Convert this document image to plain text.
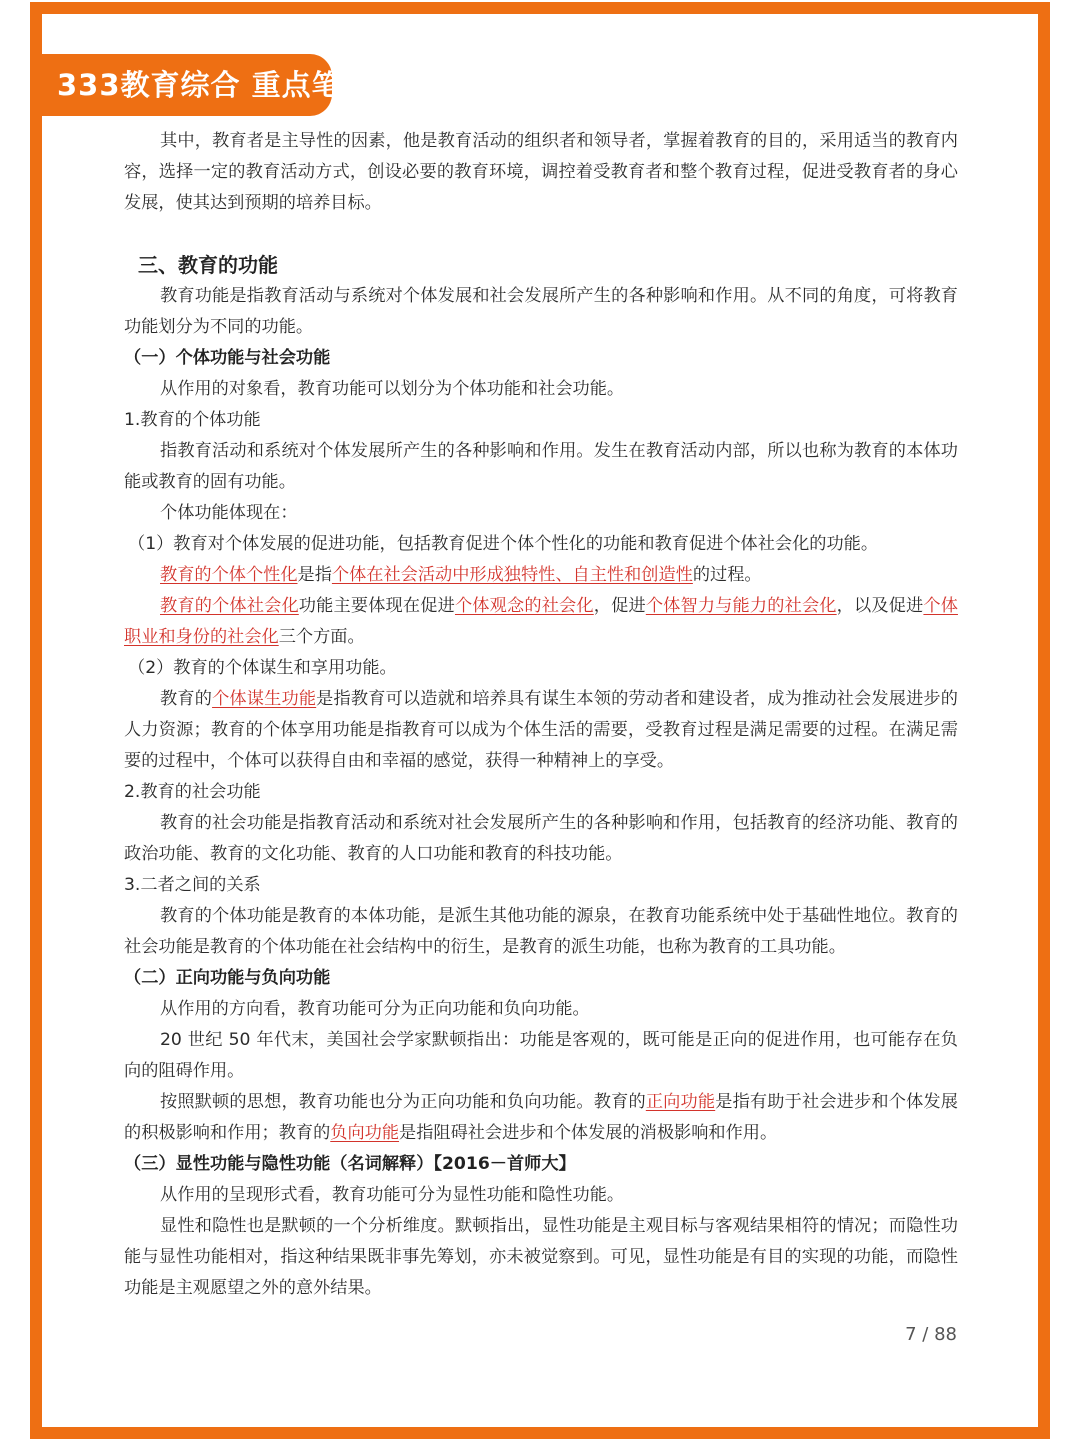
333教育综合 重点笔记

其中，教育者是主导性的因素，他是教育活动的组织者和领导者，掌握着教育的目的，采用适当的教育内容，选择一定的教育活动方式，创设必要的教育环境，调控着受教育者和整个教育过程，促进受教育者的身心发展，使其达到预期的培养目标。

三、教育的功能

教育功能是指教育活动与系统对个体发展和社会发展所产生的各种影响和作用。从不同的角度，可将教育功能划分为不同的功能。

（一）个体功能与社会功能

从作用的对象看，教育功能可以划分为个体功能和社会功能。

1.教育的个体功能

指教育活动和系统对个体发展所产生的各种影响和作用。发生在教育活动内部，所以也称为教育的本体功能或教育的固有功能。

个体功能体现在：

（1）教育对个体发展的促进功能，包括教育促进个体个性化的功能和教育促进个体社会化的功能。

教育的个体个性化是指个体在社会活动中形成独特性、自主性和创造性的过程。

教育的个体社会化功能主要体现在促进个体观念的社会化，促进个体智力与能力的社会化，以及促进个体职业和身份的社会化三个方面。

（2）教育的个体谋生和享用功能。

教育的个体谋生功能是指教育可以造就和培养具有谋生本领的劳动者和建设者，成为推动社会发展进步的人力资源；教育的个体享用功能是指教育可以成为个体生活的需要，受教育过程是满足需要的过程。在满足需要的过程中，个体可以获得自由和幸福的感觉，获得一种精神上的享受。

2.教育的社会功能

教育的社会功能是指教育活动和系统对社会发展所产生的各种影响和作用，包括教育的经济功能、教育的政治功能、教育的文化功能、教育的人口功能和教育的科技功能。

3.二者之间的关系

教育的个体功能是教育的本体功能，是派生其他功能的源泉，在教育功能系统中处于基础性地位。教育的社会功能是教育的个体功能在社会结构中的衍生，是教育的派生功能，也称为教育的工具功能。

（二）正向功能与负向功能

从作用的方向看，教育功能可分为正向功能和负向功能。

20 世纪 50 年代末，美国社会学家默顿指出：功能是客观的，既可能是正向的促进作用，也可能存在负向的阻碍作用。

按照默顿的思想，教育功能也分为正向功能和负向功能。教育的正向功能是指有助于社会进步和个体发展的积极影响和作用；教育的负向功能是指阻碍社会进步和个体发展的消极影响和作用。

（三）显性功能与隐性功能（名词解释）【2016－首师大】

从作用的呈现形式看，教育功能可分为显性功能和隐性功能。

显性和隐性也是默顿的一个分析维度。默顿指出，显性功能是主观目标与客观结果相符的情况；而隐性功能与显性功能相对，指这种结果既非事先筹划，亦未被觉察到。可见，显性功能是有目的实现的功能，而隐性功能是主观愿望之外的意外结果。

7 / 88
